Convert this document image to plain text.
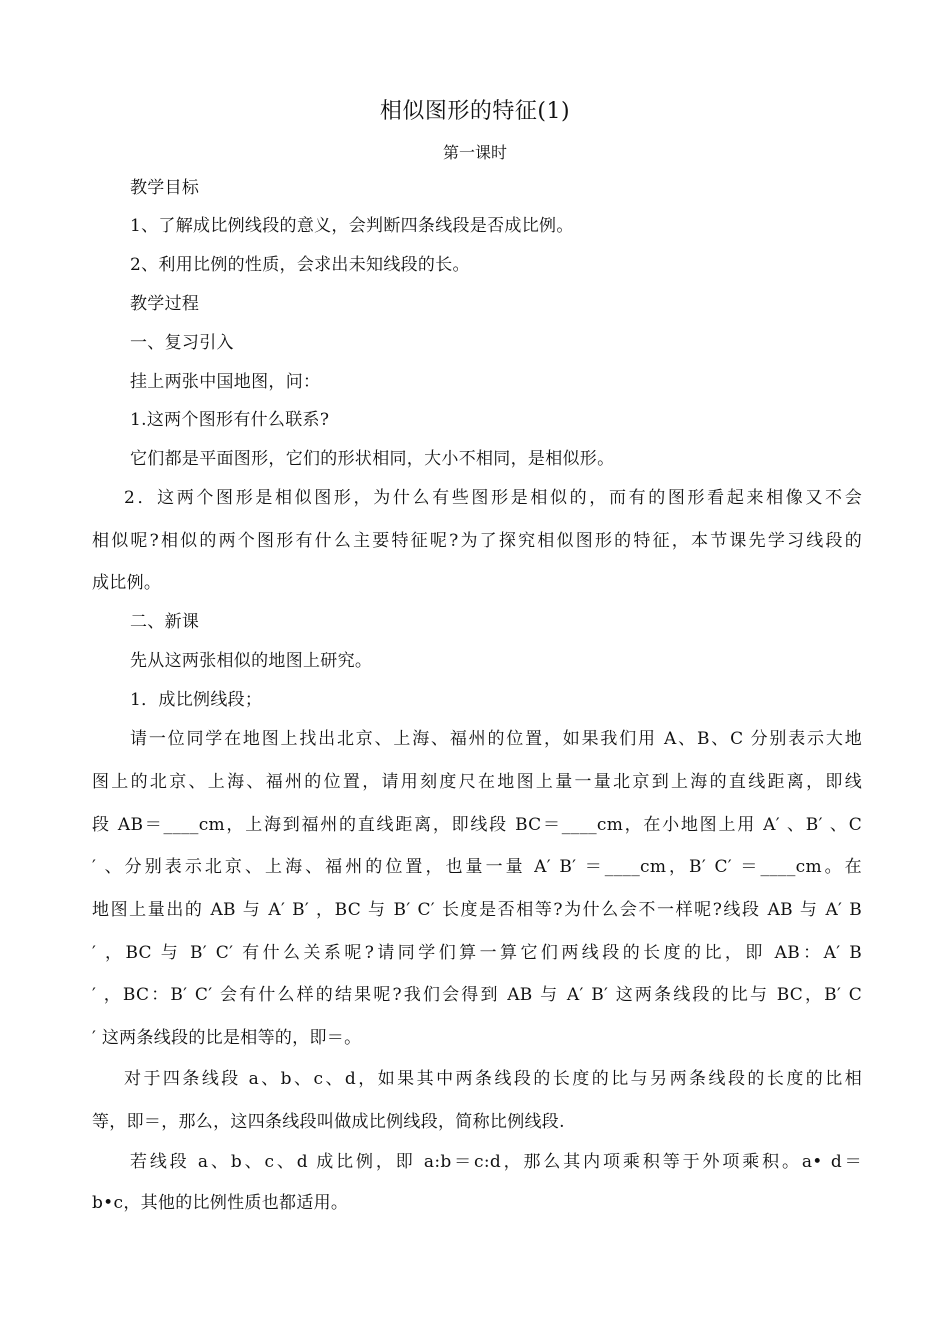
相似图形的特征(1)
第一课时
教学目标
1、了解成比例线段的意义，会判断四条线段是否成比例。
2、利用比例的性质，会求出未知线段的长。
教学过程
一、复习引入
挂上两张中国地图，问：
1.这两个图形有什么联系?
它们都是平面图形，它们的形状相同，大小不相同，是相似形。
2．这两个图形是相似图形，为什么有些图形是相似的，而有的图形看起来相像又不会
相似呢?相似的两个图形有什么主要特征呢?为了探究相似图形的特征，本节课先学习线段的
成比例。
二、新课
先从这两张相似的地图上研究。
1．成比例线段；
请一位同学在地图上找出北京、上海、福州的位置，如果我们用 A、B、C 分别表示大地
图上的北京、上海、福州的位置，请用刻度尺在地图上量一量北京到上海的直线距离，即线
段 AB＝____cm，上海到福州的直线距离，即线段 BC＝____cm，在小地图上用 A′ 、B′ 、C
′ 、分别表示北京、上海、福州的位置，也量一量 A′ B′ ＝____cm，B′ C′ ＝____cm。在
地图上量出的 AB 与 A′ B′ ，BC 与 B′ C′ 长度是否相等?为什么会不一样呢?线段 AB 与 A′ B
′ ，BC 与 B′ C′ 有什么关系呢?请同学们算一算它们两线段的长度的比，即 AB：A′ B
′ ，BC：B′ C′ 会有什么样的结果呢?我们会得到 AB 与 A′ B′ 这两条线段的比与 BC，B′ C
′ 这两条线段的比是相等的，即＝。
对于四条线段 a、b、c、d，如果其中两条线段的长度的比与另两条线段的长度的比相
等，即＝，那么，这四条线段叫做成比例线段，简称比例线段.
若线段 a、b、c、d 成比例，即 a:b＝c:d，那么其内项乘积等于外项乘积。a• d＝
b•c，其他的比例性质也都适用。
